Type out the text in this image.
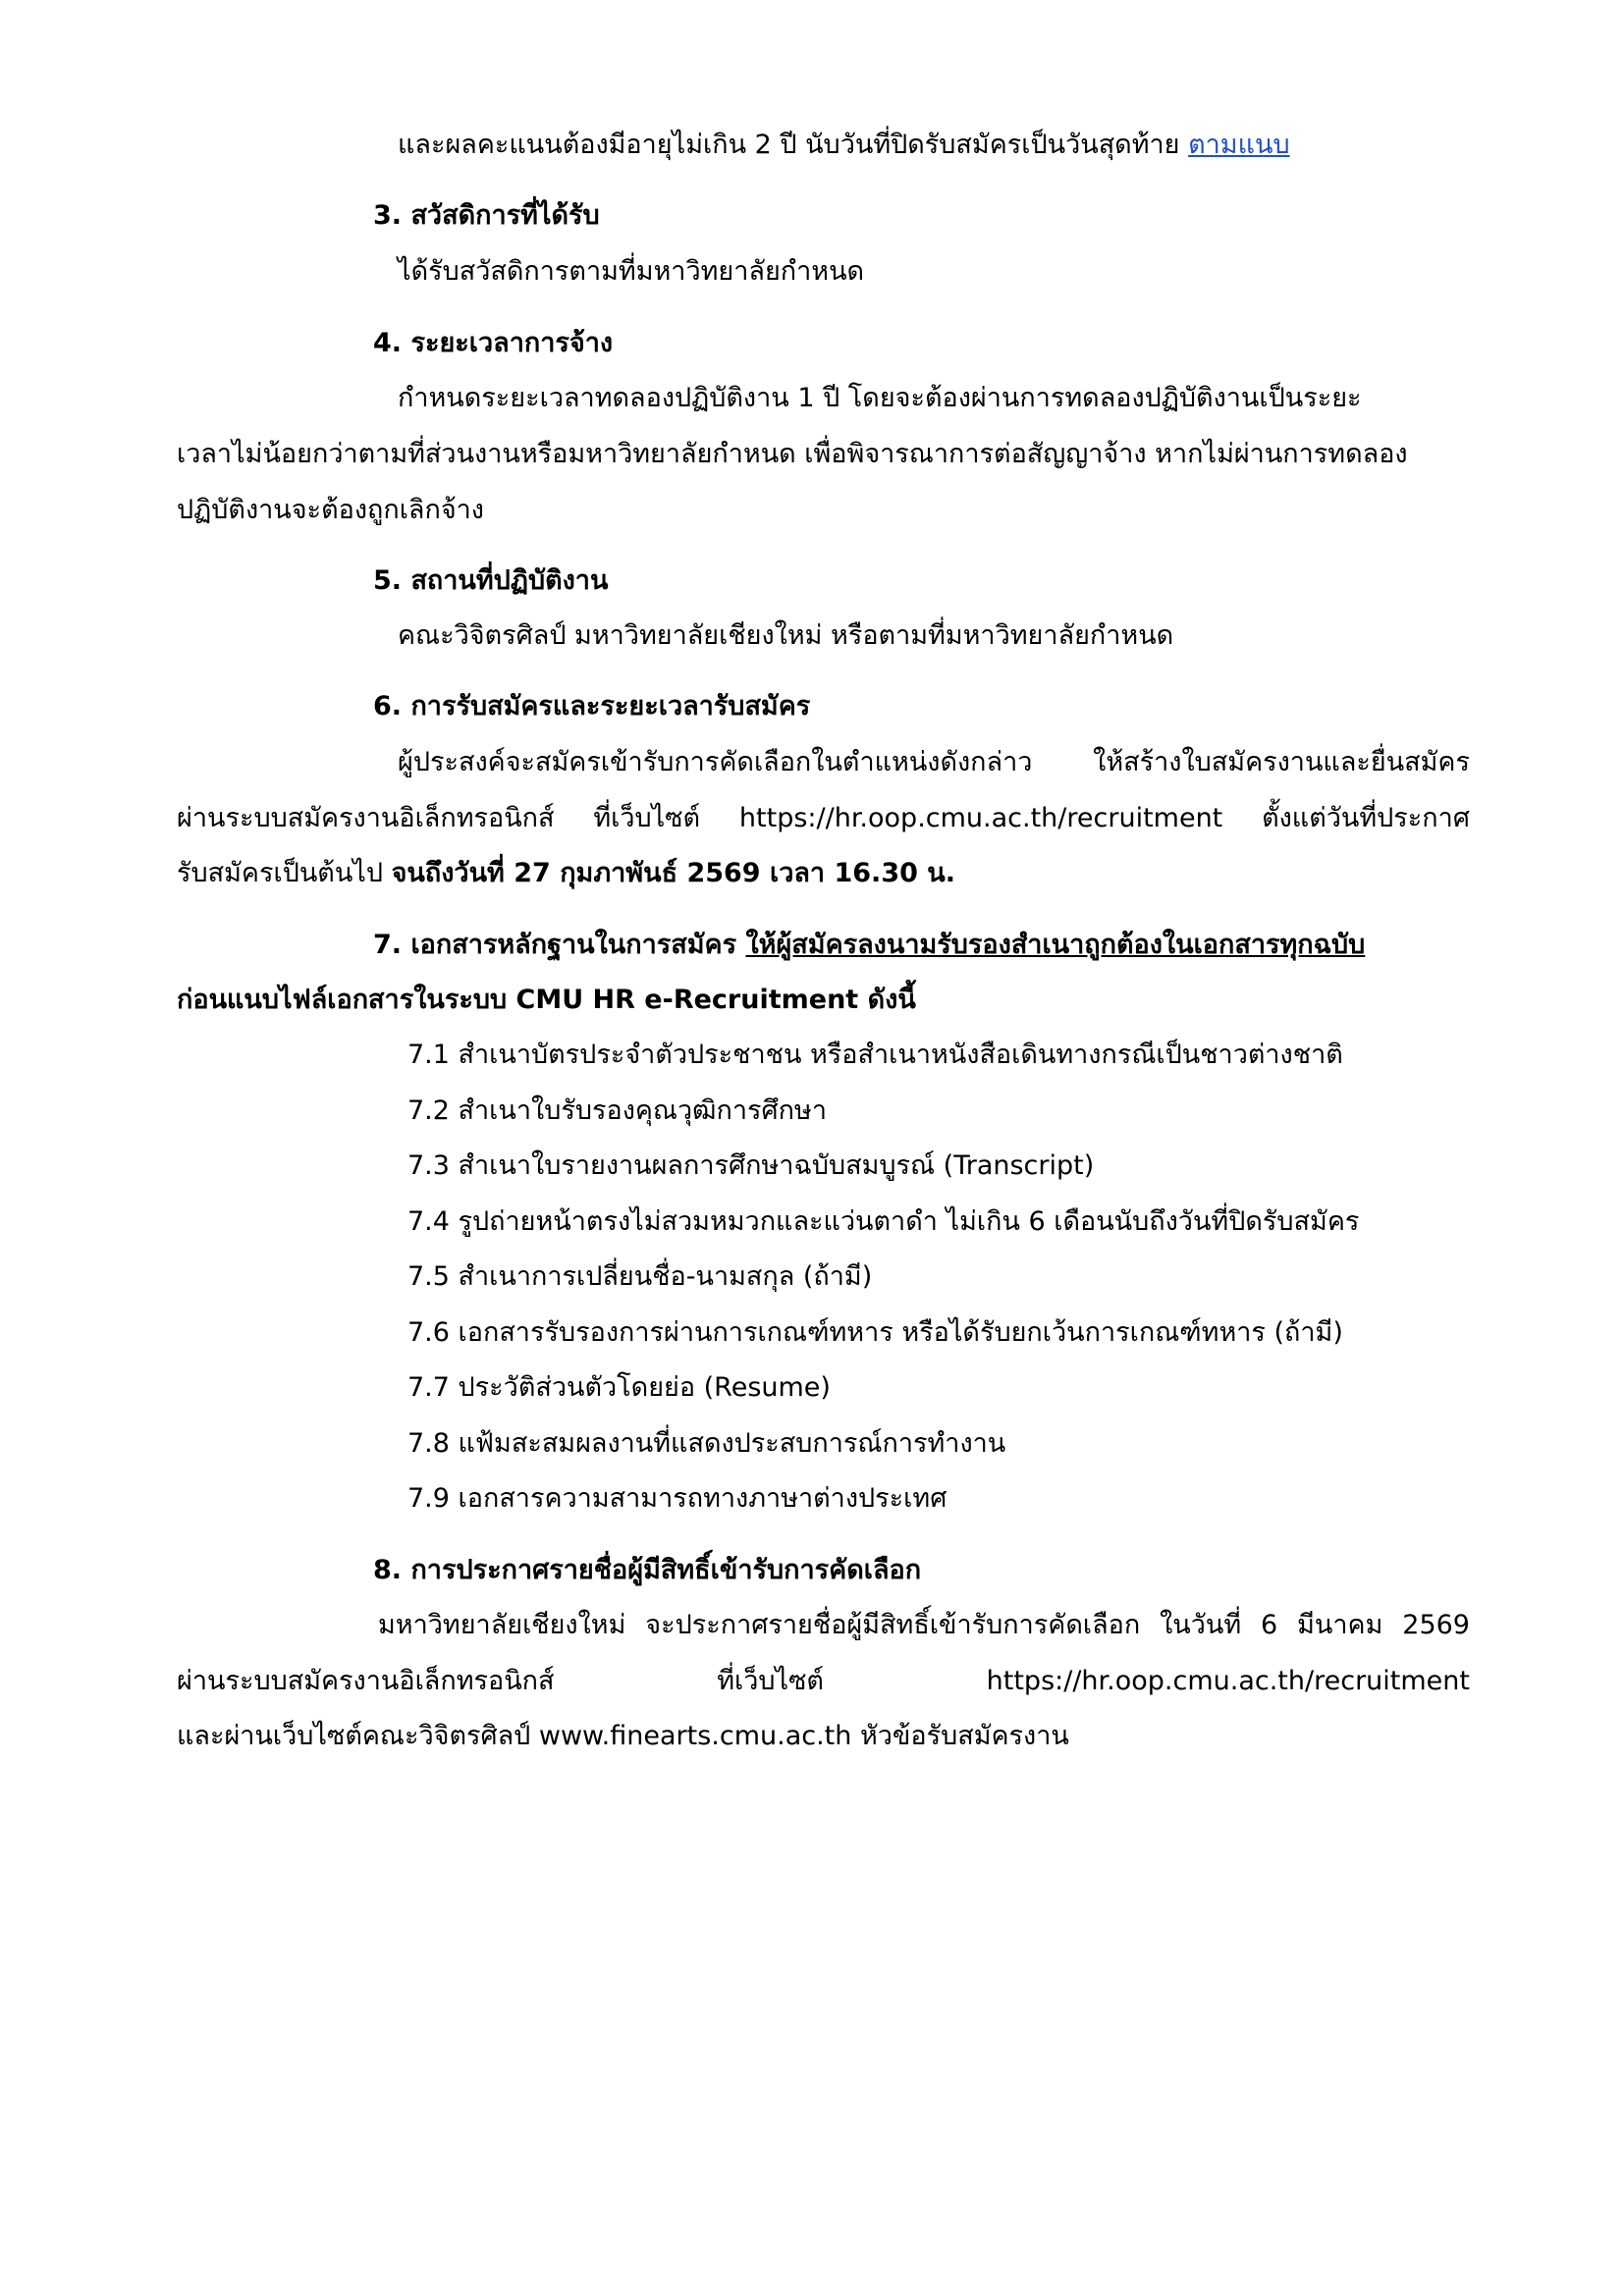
และผลคะแนนต้องมีอายุไม่เกิน 2 ปี นับวันที่ปิดรับสมัครเป็นวันสุดท้าย ตามแนบ
3. สวัสดิการที่ได้รับ
ได้รับสวัสดิการตามที่มหาวิทยาลัยกำหนด
4. ระยะเวลาการจ้าง
กำหนดระยะเวลาทดลองปฏิบัติงาน 1 ปี โดยจะต้องผ่านการทดลองปฏิบัติงานเป็นระยะ
เวลาไม่น้อยกว่าตามที่ส่วนงานหรือมหาวิทยาลัยกำหนด เพื่อพิจารณาการต่อสัญญาจ้าง หากไม่ผ่านการทดลอง
ปฏิบัติงานจะต้องถูกเลิกจ้าง
5. สถานที่ปฏิบัติงาน
คณะวิจิตรศิลป์ มหาวิทยาลัยเชียงใหม่ หรือตามที่มหาวิทยาลัยกำหนด
6. การรับสมัครและระยะเวลารับสมัคร
ผู้ประสงค์จะสมัครเข้ารับการคัดเลือกในตำแหน่งดังกล่าว ให้สร้างใบสมัครงานและยื่นสมัคร
ผ่านระบบสมัครงานอิเล็กทรอนิกส์ ที่เว็บไซต์ https://hr.oop.cmu.ac.th/recruitment ตั้งแต่วันที่ประกาศ
รับสมัครเป็นต้นไป จนถึงวันที่ 27 กุมภาพันธ์ 2569 เวลา 16.30 น.
7. เอกสารหลักฐานในการสมัคร ให้ผู้สมัครลงนามรับรองสำเนาถูกต้องในเอกสารทุกฉบับ
ก่อนแนบไฟล์เอกสารในระบบ CMU HR e-Recruitment ดังนี้
7.1 สำเนาบัตรประจำตัวประชาชน หรือสำเนาหนังสือเดินทางกรณีเป็นชาวต่างชาติ
7.2 สำเนาใบรับรองคุณวุฒิการศึกษา
7.3 สำเนาใบรายงานผลการศึกษาฉบับสมบูรณ์ (Transcript)
7.4 รูปถ่ายหน้าตรงไม่สวมหมวกและแว่นตาดำ ไม่เกิน 6 เดือนนับถึงวันที่ปิดรับสมัคร
7.5 สำเนาการเปลี่ยนชื่อ-นามสกุล (ถ้ามี)
7.6 เอกสารรับรองการผ่านการเกณฑ์ทหาร หรือได้รับยกเว้นการเกณฑ์ทหาร (ถ้ามี)
7.7 ประวัติส่วนตัวโดยย่อ (Resume)
7.8 แฟ้มสะสมผลงานที่แสดงประสบการณ์การทำงาน
7.9 เอกสารความสามารถทางภาษาต่างประเทศ
8. การประกาศรายชื่อผู้มีสิทธิ์เข้ารับการคัดเลือก
มหาวิทยาลัยเชียงใหม่ จะประกาศรายชื่อผู้มีสิทธิ์เข้ารับการคัดเลือก ในวันที่ 6 มีนาคม 2569
ผ่านระบบสมัครงานอิเล็กทรอนิกส์	ที่เว็บไซต์	https://hr.oop.cmu.ac.th/recruitment
และผ่านเว็บไซต์คณะวิจิตรศิลป์ www.finearts.cmu.ac.th หัวข้อรับสมัครงาน
